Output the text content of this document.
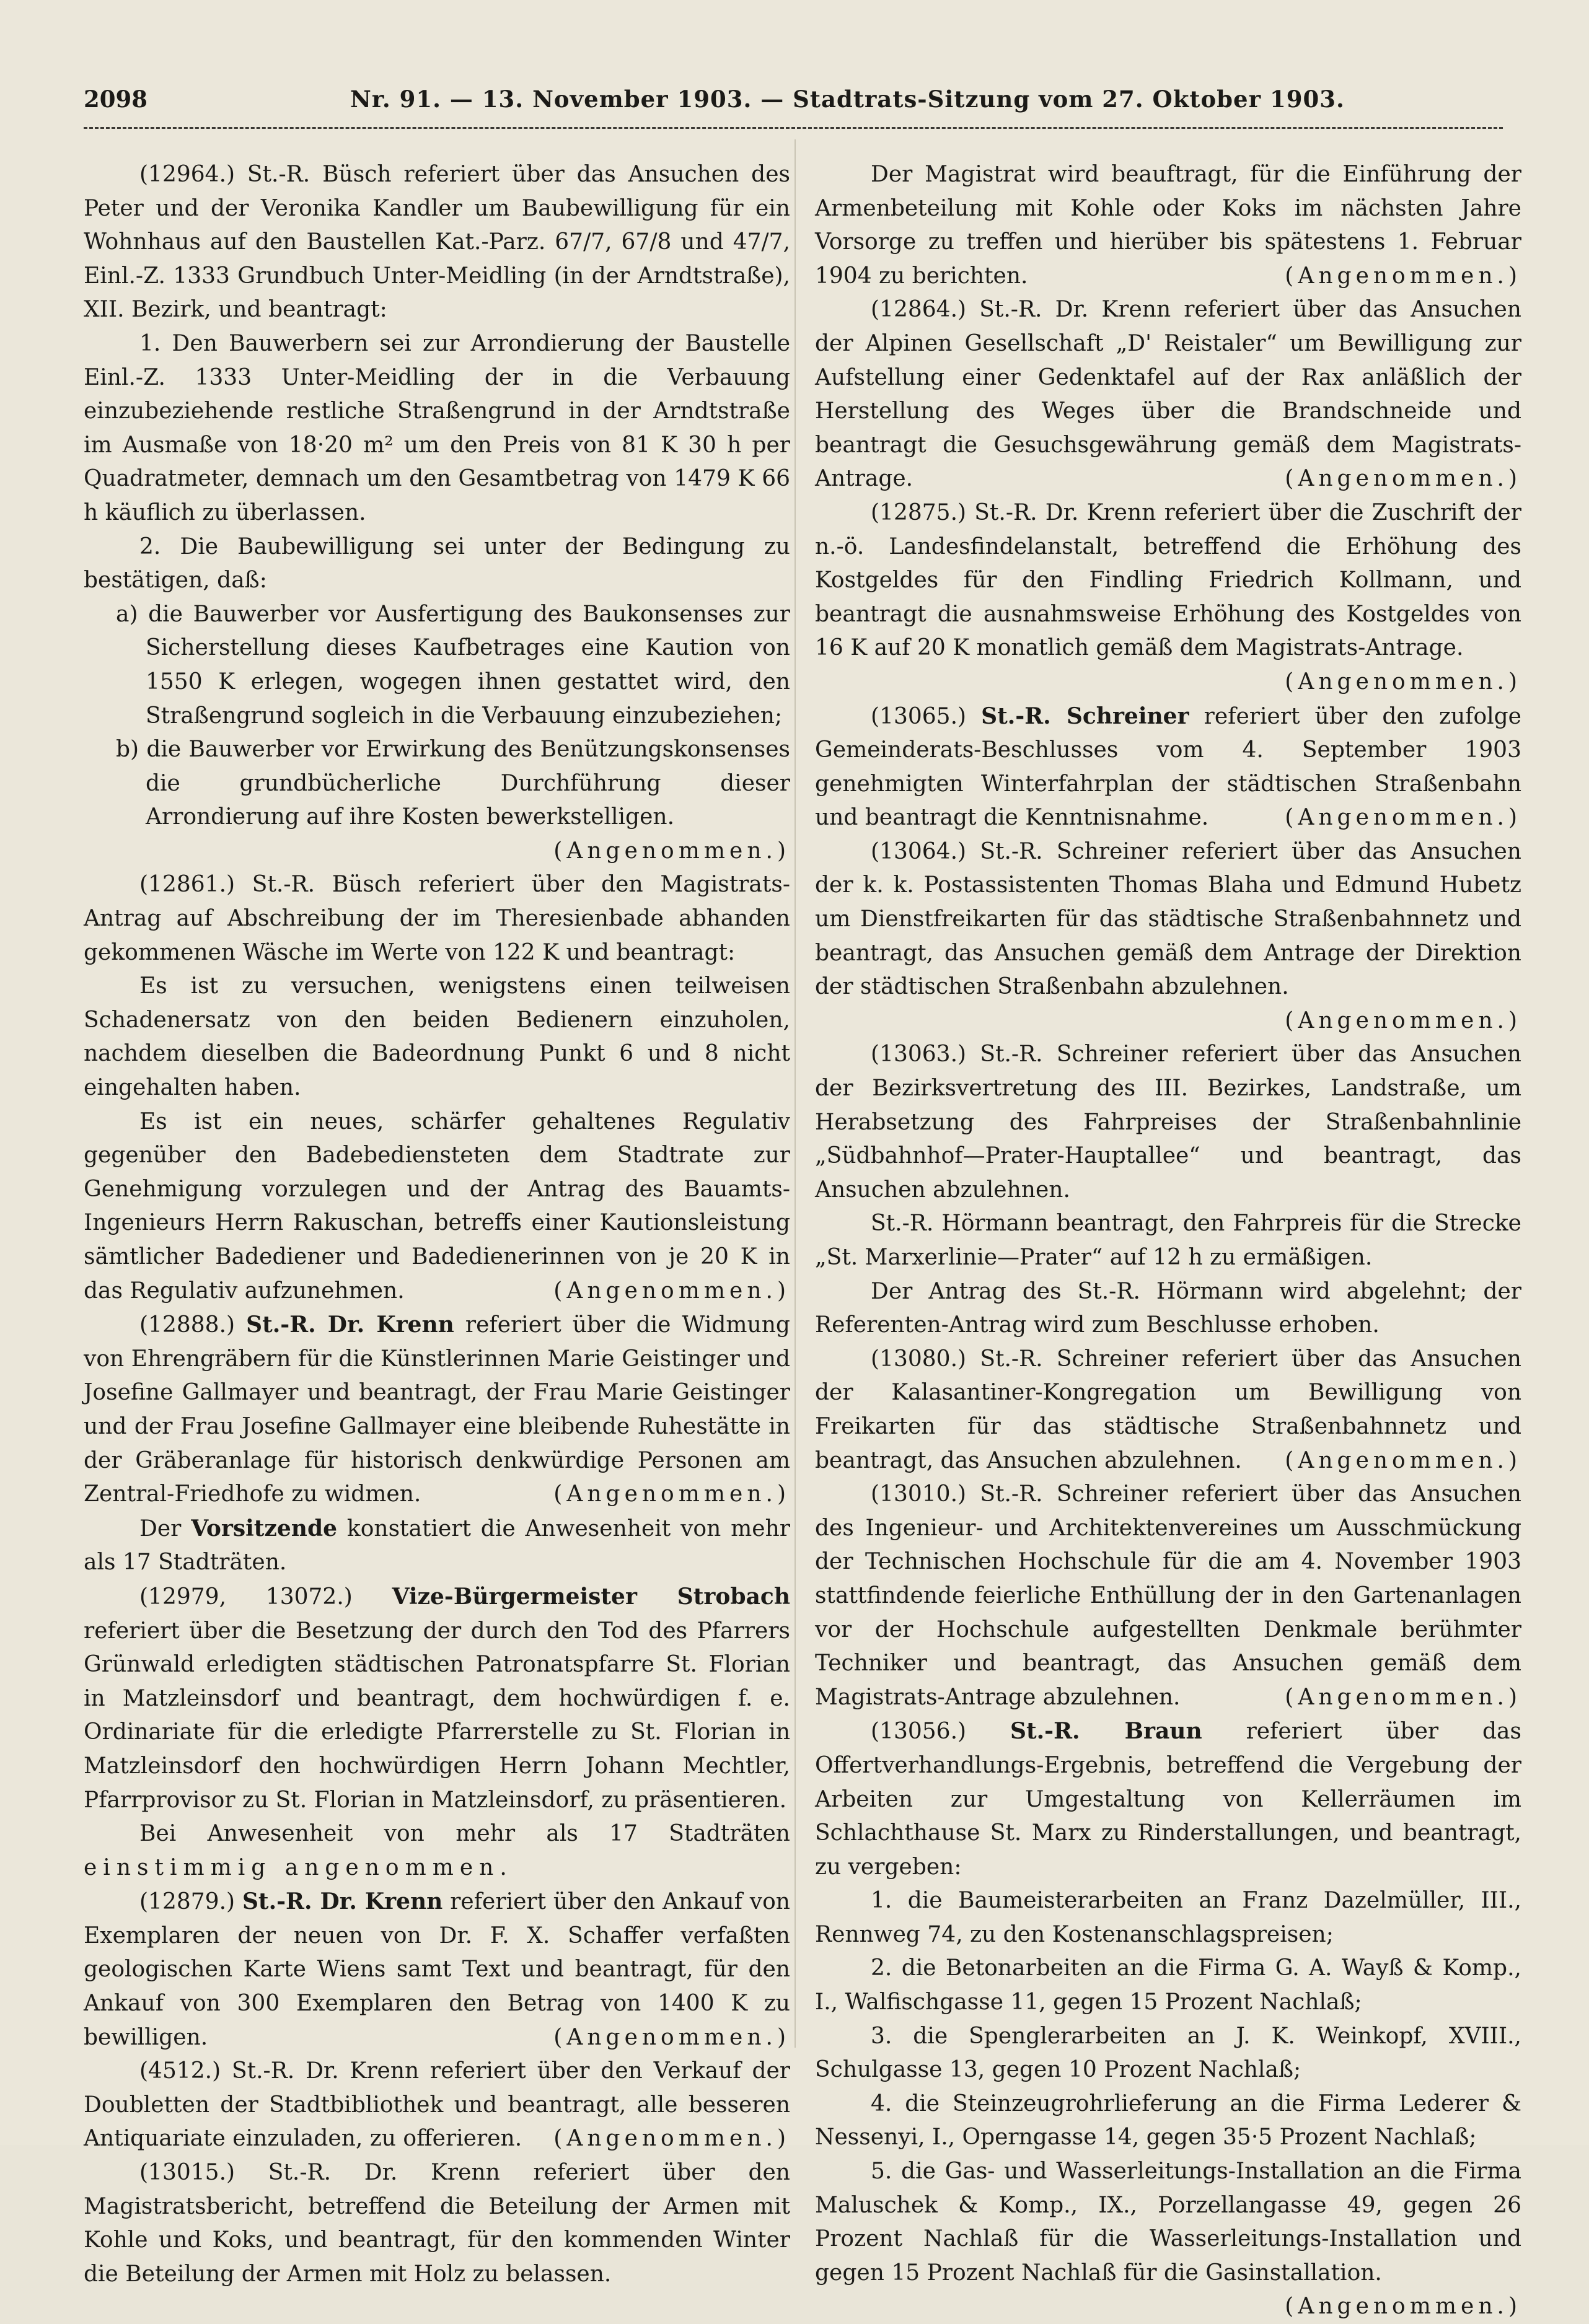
2098	Nr. 91. — 13. November 1903. — Stadtrats-Sitzung vom 27. Oktober 1903.

(12964.) St.-R. Büsch referiert über das Ansuchen des Peter und der Veronika Kandler um Baubewilligung für ein Wohnhaus auf den Baustellen Kat.-Parz. 67/7, 67/8 und 47/7, Einl.-Z. 1333 Grundbuch Unter-Meidling (in der Arndtstraße), XII. Bezirk, und beantragt:

1. Den Bauwerbern sei zur Arrondierung der Baustelle Einl.-Z. 1333 Unter-Meidling der in die Verbauung einzubeziehende restliche Straßengrund in der Arndtstraße im Ausmaße von 18·20 m² um den Preis von 81 K 30 h per Quadratmeter, demnach um den Gesamtbetrag von 1479 K 66 h käuflich zu überlassen.

2. Die Baubewilligung sei unter der Bedingung zu bestätigen, daß:

a) die Bauwerber vor Ausfertigung des Baukonsenses zur Sicherstellung dieses Kaufbetrages eine Kaution von 1550 K erlegen, wogegen ihnen gestattet wird, den Straßengrund sogleich in die Verbauung einzubeziehen;

b) die Bauwerber vor Erwirkung des Benützungskonsenses die grundbücherliche Durchführung dieser Arrondierung auf ihre Kosten bewerkstelligen.
(Angenommen.)

(12861.) St.-R. Büsch referiert über den Magistrats-Antrag auf Abschreibung der im Theresienbade abhanden gekommenen Wäsche im Werte von 122 K und beantragt:

Es ist zu versuchen, wenigstens einen teilweisen Schadenersatz von den beiden Bedienern einzuholen, nachdem dieselben die Badeordnung Punkt 6 und 8 nicht eingehalten haben.

Es ist ein neues, schärfer gehaltenes Regulativ gegenüber den Badebediensteten dem Stadtrate zur Genehmigung vorzulegen und der Antrag des Bauamts-Ingenieurs Herrn Rakuschan, betreffs einer Kautionsleistung sämtlicher Badediener und Badedienerinnen von je 20 K in das Regulativ aufzunehmen.	(Angenommen.)

(12888.) St.-R. Dr. Krenn referiert über die Widmung von Ehrengräbern für die Künstlerinnen Marie Geistinger und Josefine Gallmayer und beantragt, der Frau Marie Geistinger und der Frau Josefine Gallmayer eine bleibende Ruhestätte in der Gräberanlage für historisch denkwürdige Personen am Zentral-Friedhofe zu widmen.	(Angenommen.)

Der Vorsitzende konstatiert die Anwesenheit von mehr als 17 Stadträten.

(12979, 13072.) Vize-Bürgermeister Strobach referiert über die Besetzung der durch den Tod des Pfarrers Grünwald erledigten städtischen Patronatspfarre St. Florian in Matzleinsdorf und beantragt, dem hochwürdigen f. e. Ordinariate für die erledigte Pfarrerstelle zu St. Florian in Matzleinsdorf den hochwürdigen Herrn Johann Mechtler, Pfarrprovisor zu St. Florian in Matzleinsdorf, zu präsentieren.

Bei Anwesenheit von mehr als 17 Stadträten einstimmig angenommen.

(12879.) St.-R. Dr. Krenn referiert über den Ankauf von Exemplaren der neuen von Dr. F. X. Schaffer verfaßten geologischen Karte Wiens samt Text und beantragt, für den Ankauf von 300 Exemplaren den Betrag von 1400 K zu bewilligen.	(Angenommen.)

(4512.) St.-R. Dr. Krenn referiert über den Verkauf der Doubletten der Stadtbibliothek und beantragt, alle besseren Antiquariate einzuladen, zu offerieren. (Angenommen.)

(13015.) St.-R. Dr. Krenn referiert über den Magistratsbericht, betreffend die Beteilung der Armen mit Kohle und Koks, und beantragt, für den kommenden Winter die Beteilung der Armen mit Holz zu belassen.

Der Magistrat wird beauftragt, für die Einführung der Armenbeteilung mit Kohle oder Koks im nächsten Jahre Vorsorge zu treffen und hierüber bis spätestens 1. Februar 1904 zu berichten.	(Angenommen.)

(12864.) St.-R. Dr. Krenn referiert über das Ansuchen der Alpinen Gesellschaft „D' Reistaler“ um Bewilligung zur Aufstellung einer Gedenktafel auf der Rax anläßlich der Herstellung des Weges über die Brandschneide und beantragt die Gesuchsgewährung gemäß dem Magistrats-Antrage.	(Angenommen.)

(12875.) St.-R. Dr. Krenn referiert über die Zuschrift der n.-ö. Landesfindelanstalt, betreffend die Erhöhung des Kostgeldes für den Findling Friedrich Kollmann, und beantragt die ausnahmsweise Erhöhung des Kostgeldes von 16 K auf 20 K monatlich gemäß dem Magistrats-Antrage.
(Angenommen.)

(13065.) St.-R. Schreiner referiert über den zufolge Gemeinderats-Beschlusses vom 4. September 1903 genehmigten Winterfahrplan der städtischen Straßenbahn und beantragt die Kenntnisnahme.	(Angenommen.)

(13064.) St.-R. Schreiner referiert über das Ansuchen der k. k. Postassistenten Thomas Blaha und Edmund Hubetz um Dienstfreikarten für das städtische Straßenbahnnetz und beantragt, das Ansuchen gemäß dem Antrage der Direktion der städtischen Straßenbahn abzulehnen.
(Angenommen.)

(13063.) St.-R. Schreiner referiert über das Ansuchen der Bezirksvertretung des III. Bezirkes, Landstraße, um Herabsetzung des Fahrpreises der Straßenbahnlinie „Südbahnhof—Prater-Hauptallee“ und beantragt, das Ansuchen abzulehnen.

St.-R. Hörmann beantragt, den Fahrpreis für die Strecke „St. Marxerlinie—Prater“ auf 12 h zu ermäßigen.

Der Antrag des St.-R. Hörmann wird abgelehnt; der Referenten-Antrag wird zum Beschlusse erhoben.

(13080.) St.-R. Schreiner referiert über das Ansuchen der Kalasantiner-Kongregation um Bewilligung von Freikarten für das städtische Straßenbahnnetz und beantragt, das Ansuchen abzulehnen. (Angenommen.)

(13010.) St.-R. Schreiner referiert über das Ansuchen des Ingenieur- und Architektenvereines um Ausschmückung der Technischen Hochschule für die am 4. November 1903 stattfindende feierliche Enthüllung der in den Gartenanlagen vor der Hochschule aufgestellten Denkmale berühmter Techniker und beantragt, das Ansuchen gemäß dem Magistrats-Antrage abzulehnen.	(Angenommen.)

(13056.) St.-R. Braun referiert über das Offertverhandlungs-Ergebnis, betreffend die Vergebung der Arbeiten zur Umgestaltung von Kellerräumen im Schlachthause St. Marx zu Rinderstallungen, und beantragt, zu vergeben:

1. die Baumeisterarbeiten an Franz Dazelmüller, III., Rennweg 74, zu den Kostenanschlagspreisen;

2. die Betonarbeiten an die Firma G. A. Wayß & Komp., I., Walfischgasse 11, gegen 15 Prozent Nachlaß;

3. die Spenglerarbeiten an J. K. Weinkopf, XVIII., Schulgasse 13, gegen 10 Prozent Nachlaß;

4. die Steinzeugrohrlieferung an die Firma Lederer & Nessenyi, I., Operngasse 14, gegen 35·5 Prozent Nachlaß;

5. die Gas- und Wasserleitungs-Installation an die Firma Maluschek & Komp., IX., Porzellangasse 49, gegen 26 Prozent Nachlaß für die Wasserleitungs-Installation und gegen 15 Prozent Nachlaß für die Gasinstallation.
(Angenommen.)
